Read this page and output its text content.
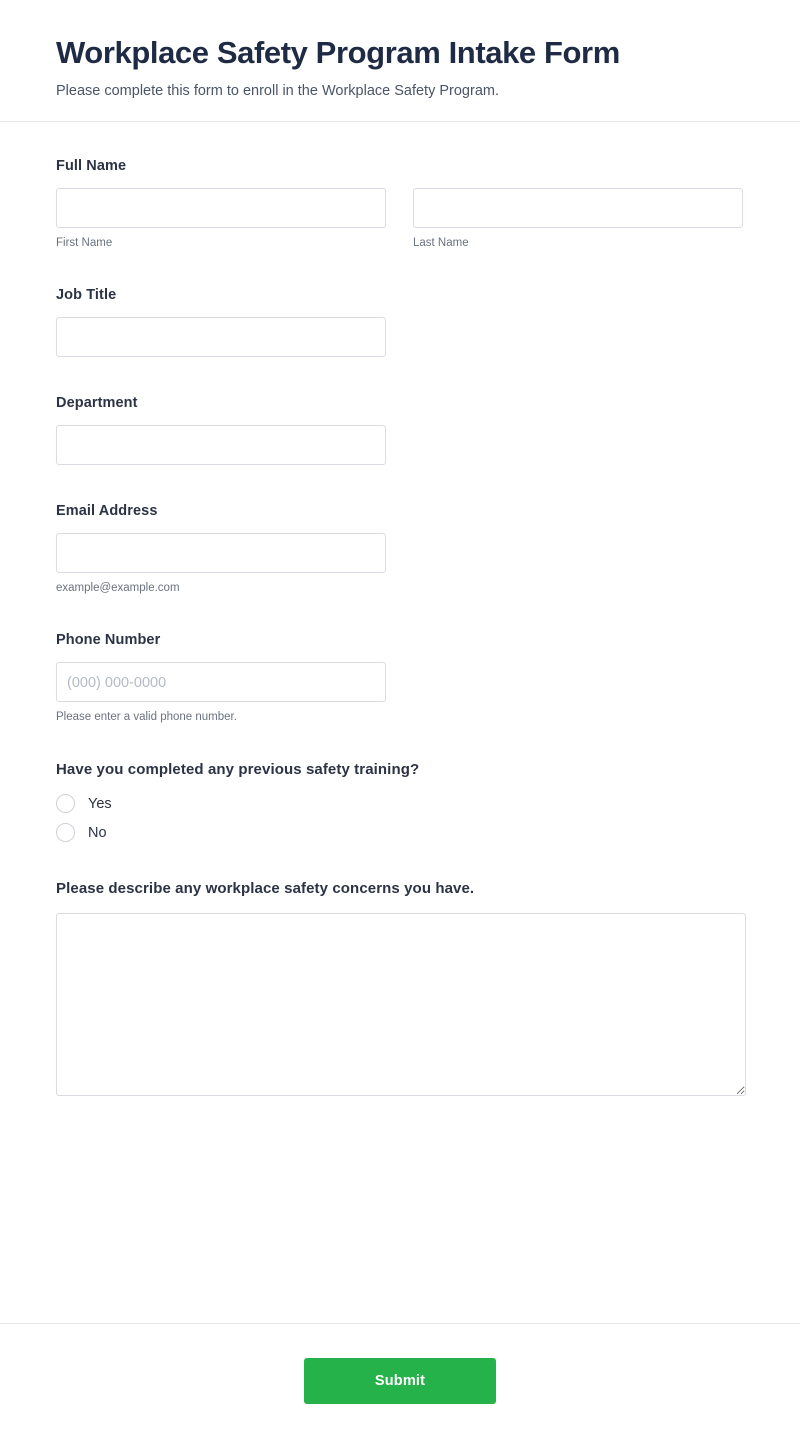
Workplace Safety Program Intake Form

Please complete this form to enroll in the Workplace Safety Program.

Full Name
First Name	Last Name
Job Title
Department
Email Address
example@example.com
Phone Number
(000) 000-0000
Please enter a valid phone number.
Have you completed any previous safety training?
Yes
No
Please describe any workplace safety concerns you have.
Submit
